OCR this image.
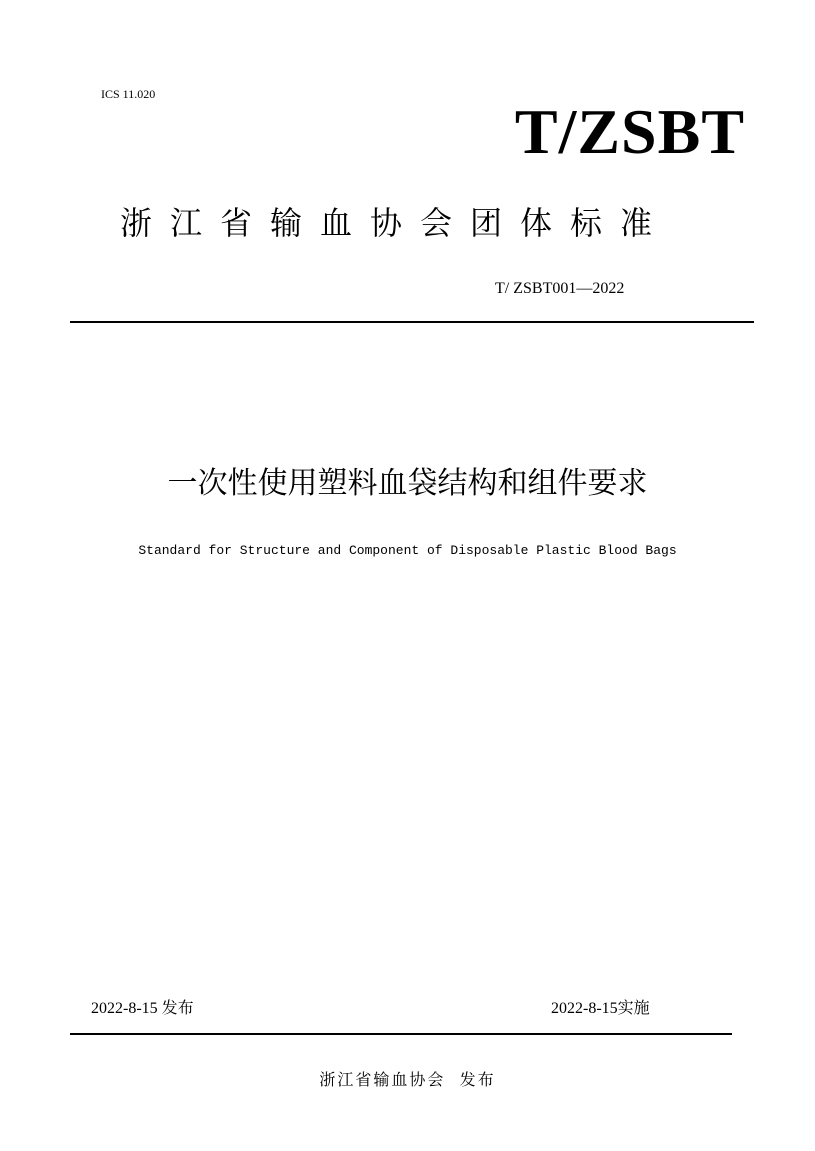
ICS 11.020
T/ZSBT
浙江省输血协会团体标准
T/ ZSBT001—2022
一次性使用塑料血袋结构和组件要求
Standard for Structure and Component of Disposable Plastic Blood Bags
2022-8-15 发布	2022-8-15实施
浙江省输血协会  发布
